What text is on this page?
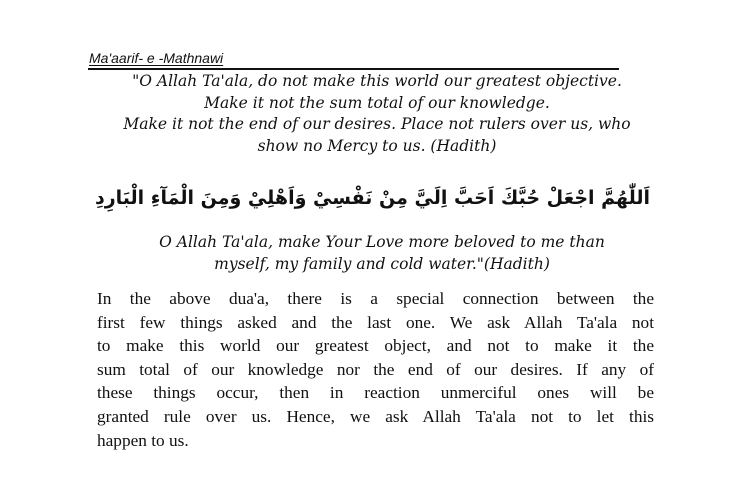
Ma'aarif- e -Mathnawi
"O Allah Ta'ala, do not make this world our greatest objective.
Make it not the sum total of our knowledge.
Make it not the end of our desires. Place not rulers over us, who
show no Mercy to us. (Hadith)
اَللّٰهُمَّ اجْعَلْ حُبَّكَ اَحَبَّ اِلَيَّ مِنْ نَفْسِيْ وَاَهْلِيْ وَمِنَ الْمَآءِ الْبَارِدِ
O Allah Ta'ala, make Your Love more beloved to me than
myself, my family and cold water."(Hadith)
In the above dua'a, there is a special connection between the
first few things asked and the last one. We ask Allah Ta'ala not
to make this world our greatest object, and not to make it the
sum total of our knowledge nor the end of our desires. If any of
these things occur, then in reaction unmerciful ones will be
granted rule over us. Hence, we ask Allah Ta'ala not to let this
happen to us.
